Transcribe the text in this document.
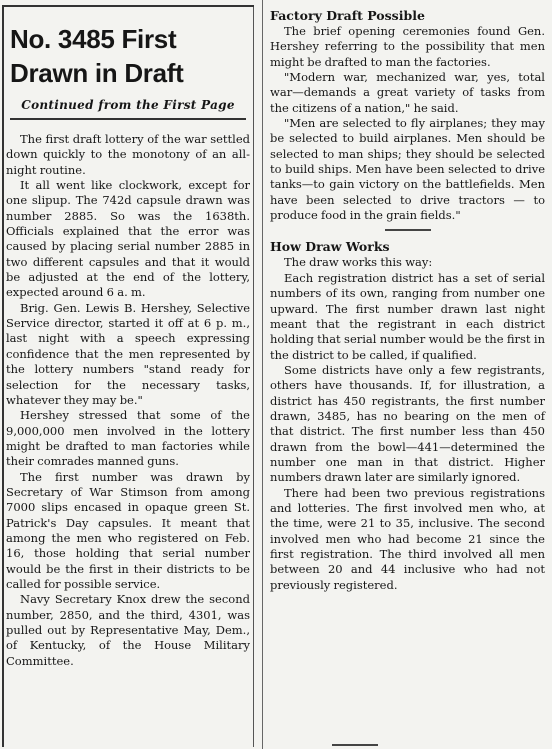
No. 3485 First
Drawn in Draft
Continued from the First Page

The first draft lottery of the war settled down quickly to the monotony of an all-night routine.

It all went like clockwork, except for one slipup. The 742d capsule drawn was number 2885. So was the 1638th. Officials explained that the error was caused by placing serial number 2885 in two different capsules and that it would be adjusted at the end of the lottery, expected around 6 a. m.

Brig. Gen. Lewis B. Hershey, Selective Service director, started it off at 6 p. m., last night with a speech expressing confidence that the men represented by the lottery numbers "stand ready for selection for the necessary tasks, whatever they may be."

Hershey stressed that some of the 9,000,000 men involved in the lottery might be drafted to man factories while their comrades manned guns.

The first number was drawn by Secretary of War Stimson from among 7000 slips encased in opaque green St. Patrick's Day capsules. It meant that among the men who registered on Feb. 16, those holding that serial number would be the first in their districts to be called for possible service.

Navy Secretary Knox drew the second number, 2850, and the third, 4301, was pulled out by Representative May, Dem., of Kentucky, of the House Military Committee.

Factory Draft Possible

The brief opening ceremonies found Gen. Hershey referring to the possibility that men might be drafted to man the factories.

"Modern war, mechanized war, yes, total war—demands a great variety of tasks from the citizens of a nation," he said.

"Men are selected to fly airplanes; they may be selected to build airplanes. Men should be selected to man ships; they should be selected to build ships. Men have been selected to drive tanks—to gain victory on the battlefields. Men have been selected to drive tractors — to produce food in the grain fields."

How Draw Works

The draw works this way:

Each registration district has a set of serial numbers of its own, ranging from number one upward. The first number drawn last night meant that the registrant in each district holding that serial number would be the first in the district to be called, if qualified.

Some districts have only a few registrants, others have thousands. If, for illustration, a district has 450 registrants, the first number drawn, 3485, has no bearing on the men of that district. The first number less than 450 drawn from the bowl—441—determined the number one man in that district. Higher numbers drawn later are similarly ignored.

There had been two previous registrations and lotteries. The first involved men who, at the time, were 21 to 35, inclusive. The second involved men who had become 21 since the first registration. The third involved all men between 20 and 44 inclusive who had not previously registered.
